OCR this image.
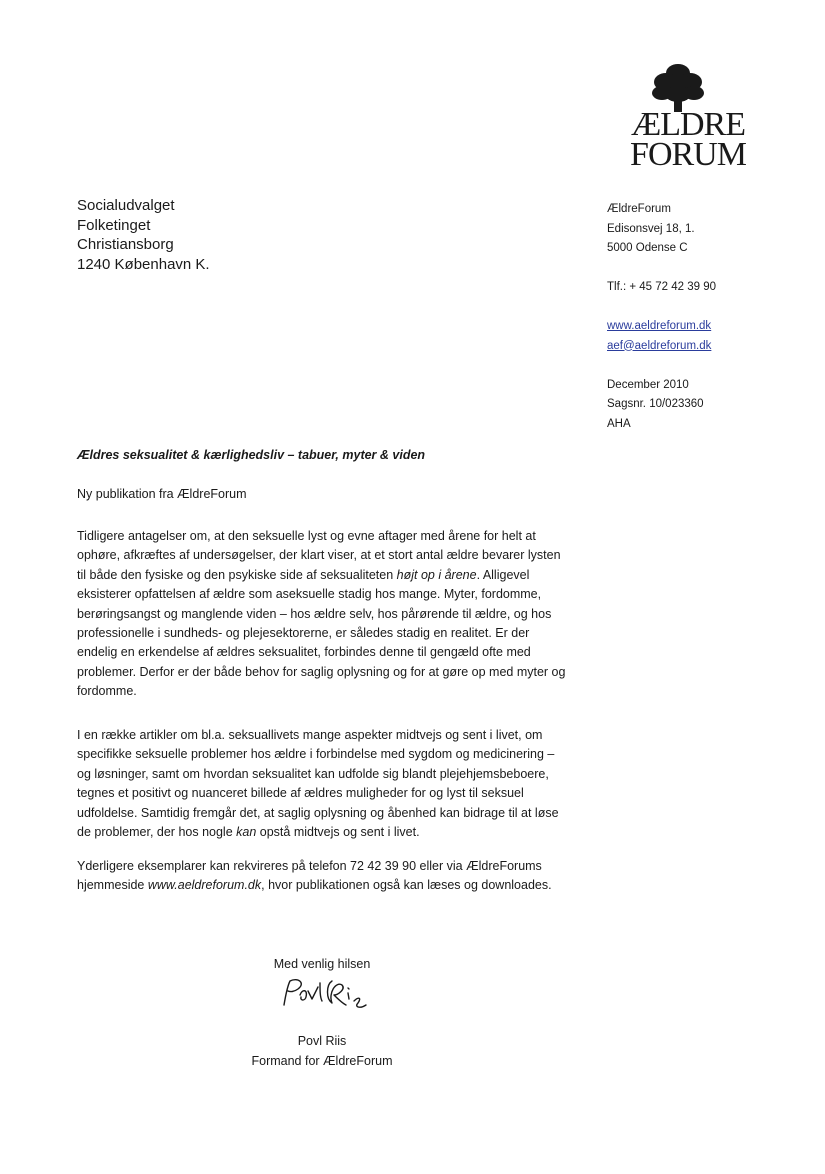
ÆLDRE
FORUM
Socialudvalget
Folketinget
Christiansborg
1240 København K.
ÆldreForum
Edisonsvej 18, 1.
5000 Odense C
Tlf.: + 45 72 42 39 90
www.aeldreforum.dk
aef@aeldreforum.dk
December 2010
Sagsnr. 10/023360
AHA
Ældres seksualitet & kærlighedsliv – tabuer, myter & viden
Ny publikation fra ÆldreForum
Tidligere antagelser om, at den seksuelle lyst og evne aftager med årene for helt at
ophøre, afkræftes af undersøgelser, der klart viser, at et stort antal ældre bevarer lysten
til både den fysiske og den psykiske side af seksualiteten højt op i årene. Alligevel
eksisterer opfattelsen af ældre som aseksuelle stadig hos mange. Myter, fordomme,
berøringsangst og manglende viden – hos ældre selv, hos pårørende til ældre, og hos
professionelle i sundheds- og plejesektorerne, er således stadig en realitet. Er der
endelig en erkendelse af ældres seksualitet, forbindes denne til gengæld ofte med
problemer. Derfor er der både behov for saglig oplysning og for at gøre op med myter og
fordomme.
I en række artikler om bl.a. seksuallivets mange aspekter midtvejs og sent i livet, om
specifikke seksuelle problemer hos ældre i forbindelse med sygdom og medicinering –
og løsninger, samt om hvordan seksualitet kan udfolde sig blandt plejehjemsbeboere,
tegnes et positivt og nuanceret billede af ældres muligheder for og lyst til seksuel
udfoldelse. Samtidig fremgår det, at saglig oplysning og åbenhed kan bidrage til at løse
de problemer, der hos nogle kan opstå midtvejs og sent i livet.
Yderligere eksemplarer kan rekvireres på telefon 72 42 39 90 eller via ÆldreForums
hjemmeside www.aeldreforum.dk, hvor publikationen også kan læses og downloades.
Med venlig hilsen
Povl Riis
Formand for ÆldreForum
